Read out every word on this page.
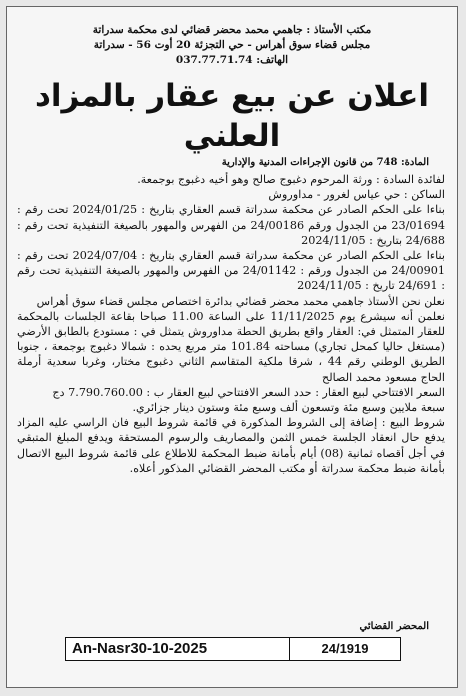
مكتب الأستاذ : جاهمي محمد محضر قضائي لدى محكمة سدراتة
مجلس قضاء سوق أهراس - حي التجزئة 20 أوت 56 - سدراتة
الهاتف: 037.77.71.74
اعلان عن بيع عقار بالمزاد العلني
المادة: 748 من قانون الإجراءات المدنية والإدارية

لفائدة السادة : ورثة المرحوم دغبوج صالح وهو أخيه دغبوج بوجمعة.

الساكن : حي عياس لغرور - مداوروش

بناءا على الحكم الصادر عن محكمة سدراتة قسم العقاري بتاريخ : 2024/01/25 تحت رقم : 23/01694 من الجدول ورقم 24/00186 من الفهرس والمهور بالصيغة التنفيذية تحت رقم : 24/688 بتاريخ : 2024/11/05

بناءا على الحكم الصادر عن محكمة سدراتة قسم العقاري بتاريخ : 2024/07/04 تحت رقم : 24/00901 من الجدول ورقم : 24/01142 من الفهرس والمهور بالصيغة التنفيذية تحت رقم : 24/691 تاريخ : 2024/11/05

نعلن نحن الأستاذ جاهمي محمد محضر قضائي بدائرة اختصاص مجلس قضاء سوق أهراس

نعلمن أنه سيشرع يوم 11/11/2025 على الساعة 11.00 صباحا بقاعة الجلسات بالمحكمة للعقار المتمثل في: العقار واقع بطريق الحطة مداوروش يتمثل في : مستودع بالطابق الأرضي (مستغل حاليا كمحل تجاري) مساحته 101.84 متر مربع يحده : شمالا دغبوج بوجمعة ، جنوبا الطريق الوطني رقم 44 ، شرقا ملكية المتقاسم الثاني دغبوج مختار، وغربا سعدية أرملة الحاج مسعود محمد الصالح

السعر الافتتاحي لبيع العقار : حدد السعر الافتتاحي لبيع العقار ب : 7.790.760.00 دج

سبعة ملايين وسبع مئة وتسعون ألف وسبع مئة وستون دينار جزائري.

شروط البيع : إضافة إلى الشروط المذكورة في قائمة شروط البيع فان الراسي عليه المزاد يدفع حال انعقاد الجلسة خمس الثمن والمصاريف والرسوم المستحقة ويدفع المبلغ المتبقي في أجل أقصاه ثمانية (08) أيام بأمانة ضبط المحكمة للاطلاع على قائمة شروط البيع الاتصال بأمانة ضبط محكمة سدراتة أو مكتب المحضر القضائي المذكور أعلاه.

المحضر القضائي
An-Nasr30-10-2025	24/1919
